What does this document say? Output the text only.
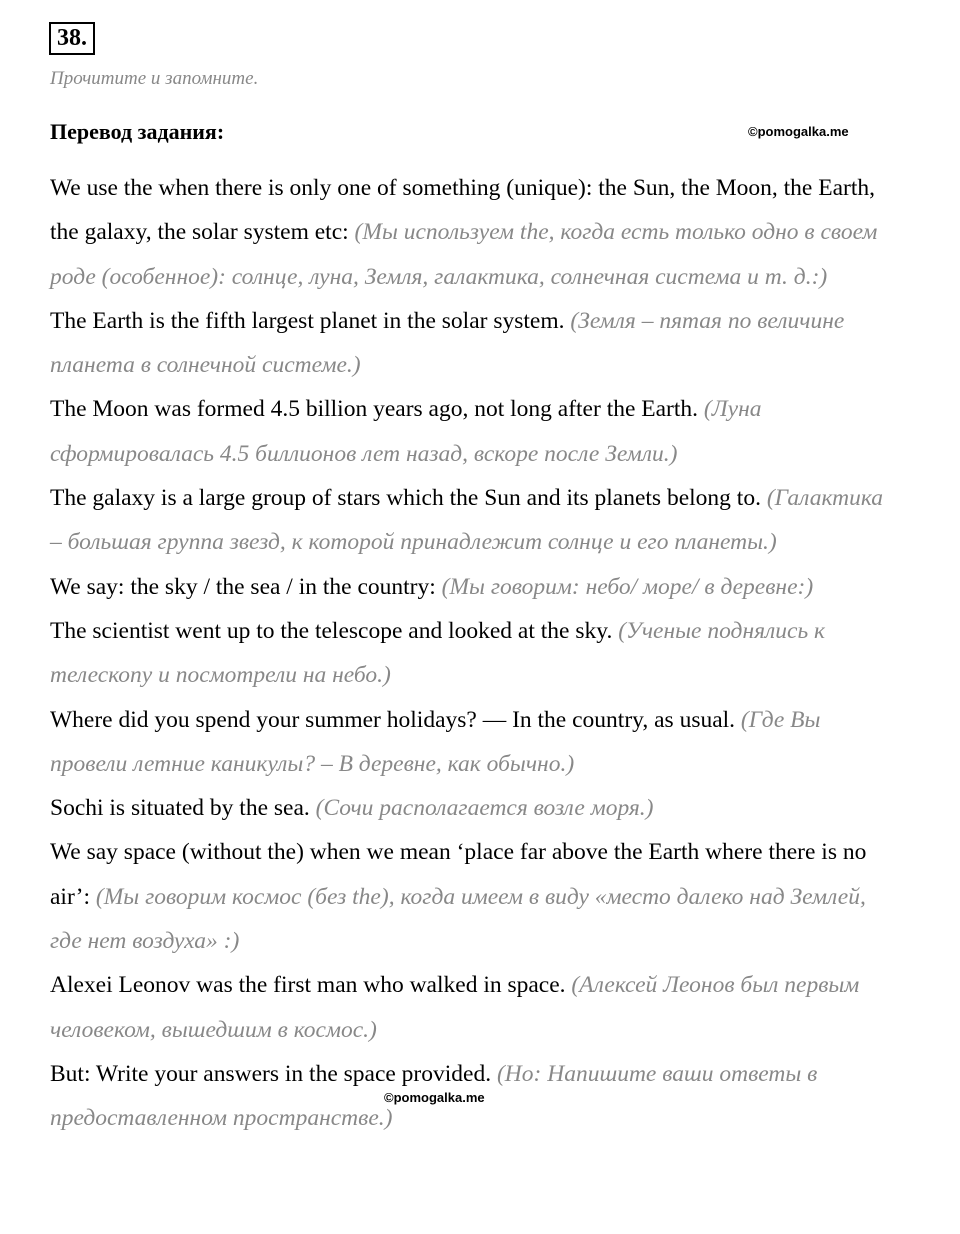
38.
Прочитите и запомните.
Перевод задания:	©pomogalka.me

We use the when there is only one of something (unique): the Sun, the Moon, the Earth, the galaxy, the solar system etc: (Мы используем the, когда есть только одно в своем роде (особенное): солнце, луна, Земля, галактика, солнечная система и т. д.:)

The Earth is the fifth largest planet in the solar system. (Земля – пятая по величине планета в солнечной системе.)

The Moon was formed 4.5 billion years ago, not long after the Earth. (Луна сформировалась 4.5 биллионов лет назад, вскоре после Земли.)

The galaxy is a large group of stars which the Sun and its planets belong to. (Галактика – большая группа звезд, к которой принадлежит солнце и его планеты.)

We say: the sky / the sea / in the country: (Мы говорим: небо/ море/ в деревне:)

The scientist went up to the telescope and looked at the sky. (Ученые поднялись к телескопу и посмотрели на небо.)

Where did you spend your summer holidays? — In the country, as usual. (Где Вы провели летние каникулы? – В деревне, как обычно.)

Sochi is situated by the sea. (Сочи располагается возле моря.)

We say space (without the) when we mean ‘place far above the Earth where there is no air’: (Мы говорим космос (без the), когда имеем в виду «место далеко над Землей, где нет воздуха» :)

Alexei Leonov was the first man who walked in space. (Алексей Леонов был первым человеком, вышедшим в космос.)

But: Write your answers in the space provided. (Но: Напишите ваши ответы в предоставленном пространстве.)

©pomogalka.me
